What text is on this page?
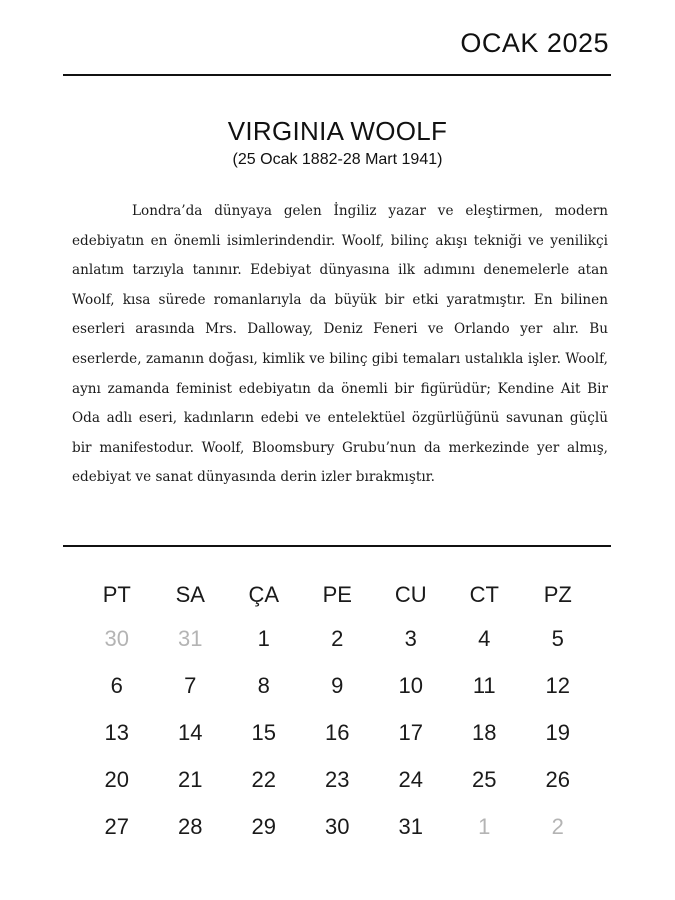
OCAK 2025
VIRGINIA WOOLF
(25 Ocak 1882-28 Mart 1941)

Londra’da dünyaya gelen İngiliz yazar ve eleştirmen, modern edebiyatın en önemli isimlerindendir. Woolf, bilinç akışı tekniği ve yenilikçi anlatım tarzıyla tanınır. Edebiyat dünyasına ilk adımını denemelerle atan Woolf, kısa sürede romanlarıyla da büyük bir etki yaratmıştır. En bilinen eserleri arasında Mrs. Dalloway, Deniz Feneri ve Orlando yer alır. Bu eserlerde, zamanın doğası, kimlik ve bilinç gibi temaları ustalıkla işler. Woolf, aynı zamanda feminist edebiyatın da önemli bir figürüdür; Kendine Ait Bir Oda adlı eseri, kadınların edebi ve entelektüel özgürlüğünü savunan güçlü bir manifestodur. Woolf, Bloomsbury Grubu’nun da merkezinde yer almış, edebiyat ve sanat dünyasında derin izler bırakmıştır.

PT	SA	ÇA	PE	CU	CT	PZ
30	31	1	2	3	4	5
6	7	8	9	10	11	12
13	14	15	16	17	18	19
20	21	22	23	24	25	26
27	28	29	30	31	1	2
